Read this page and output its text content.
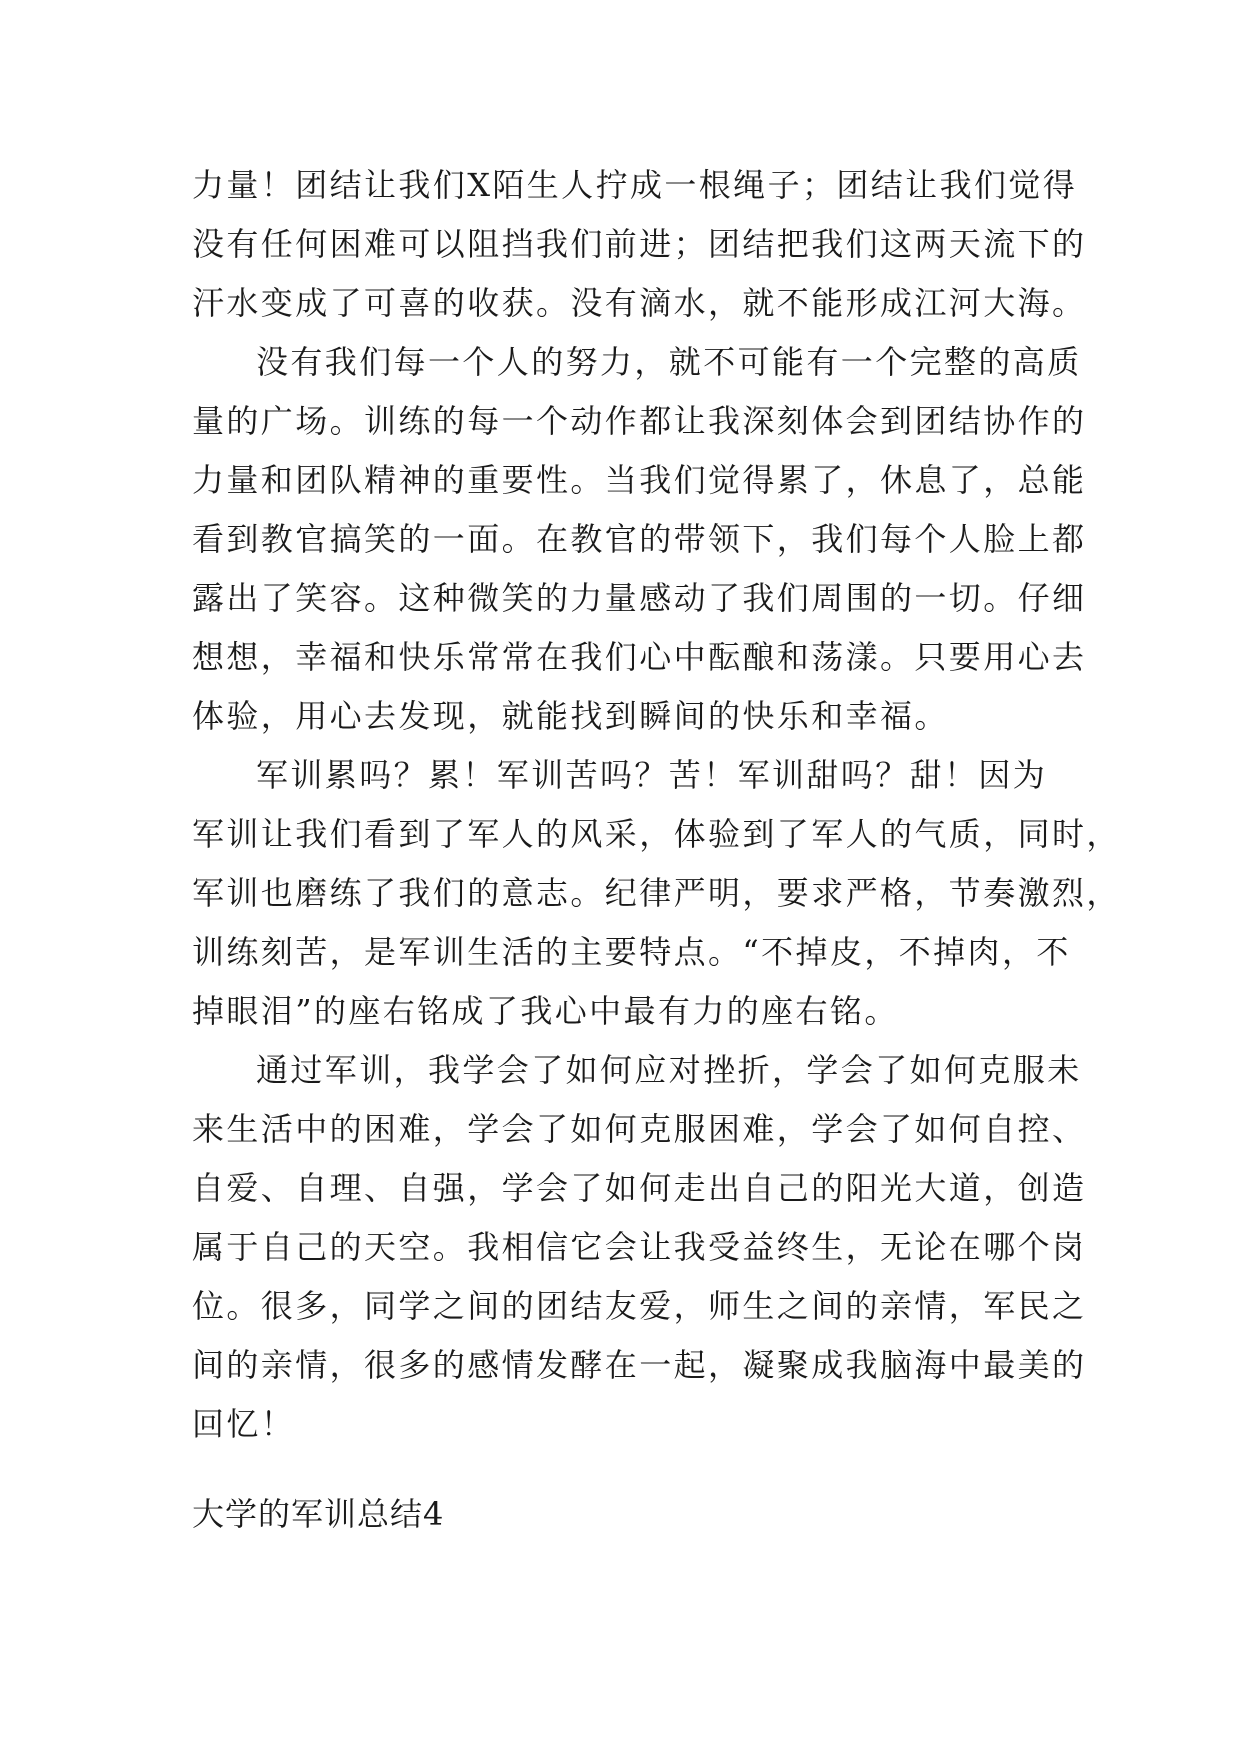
力量！团结让我们X陌生人拧成一根绳子；团结让我们觉得
没有任何困难可以阻挡我们前进；团结把我们这两天流下的
汗水变成了可喜的收获。没有滴水，就不能形成江河大海。
没有我们每一个人的努力，就不可能有一个完整的高质
量的广场。训练的每一个动作都让我深刻体会到团结协作的
力量和团队精神的重要性。当我们觉得累了，休息了，总能
看到教官搞笑的一面。在教官的带领下，我们每个人脸上都
露出了笑容。这种微笑的力量感动了我们周围的一切。仔细
想想，幸福和快乐常常在我们心中酝酿和荡漾。只要用心去
体验，用心去发现，就能找到瞬间的快乐和幸福。
军训累吗？累！军训苦吗？苦！军训甜吗？甜！因为
军训让我们看到了军人的风采，体验到了军人的气质，同时，
军训也磨练了我们的意志。纪律严明，要求严格，节奏激烈，
训练刻苦，是军训生活的主要特点。“不掉皮，不掉肉，不
掉眼泪”的座右铭成了我心中最有力的座右铭。
通过军训，我学会了如何应对挫折，学会了如何克服未
来生活中的困难，学会了如何克服困难，学会了如何自控、
自爱、自理、自强，学会了如何走出自己的阳光大道，创造
属于自己的天空。我相信它会让我受益终生，无论在哪个岗
位。很多，同学之间的团结友爱，师生之间的亲情，军民之
间的亲情，很多的感情发酵在一起，凝聚成我脑海中最美的
回忆！
大学的军训总结4
